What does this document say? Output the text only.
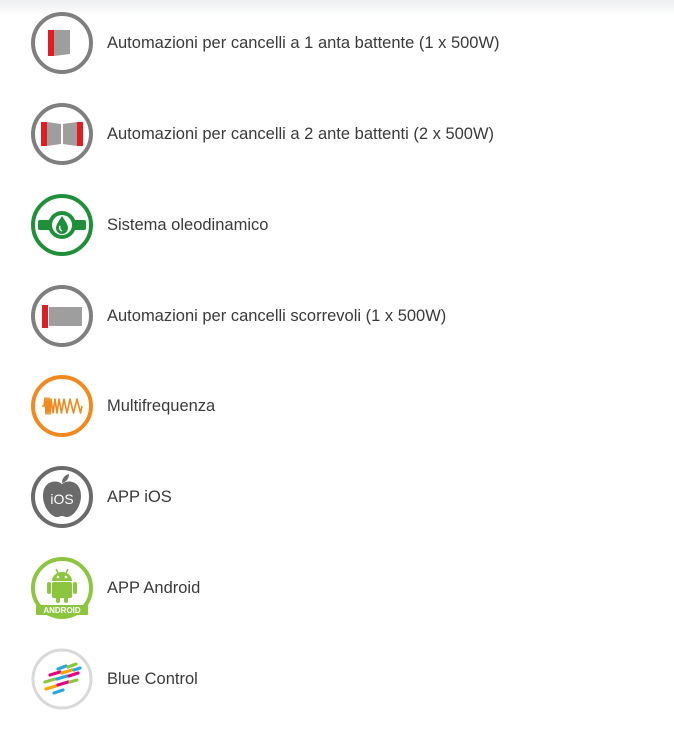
Automazioni per cancelli a 1 anta battente (1 x 500W)
Automazioni per cancelli a 2 ante battenti (2 x 500W)
Sistema oleodinamico
Automazioni per cancelli scorrevoli (1 x 500W)
Multifrequenza
iOS APP iOS
ANDROID
APP Android
Blue Control
